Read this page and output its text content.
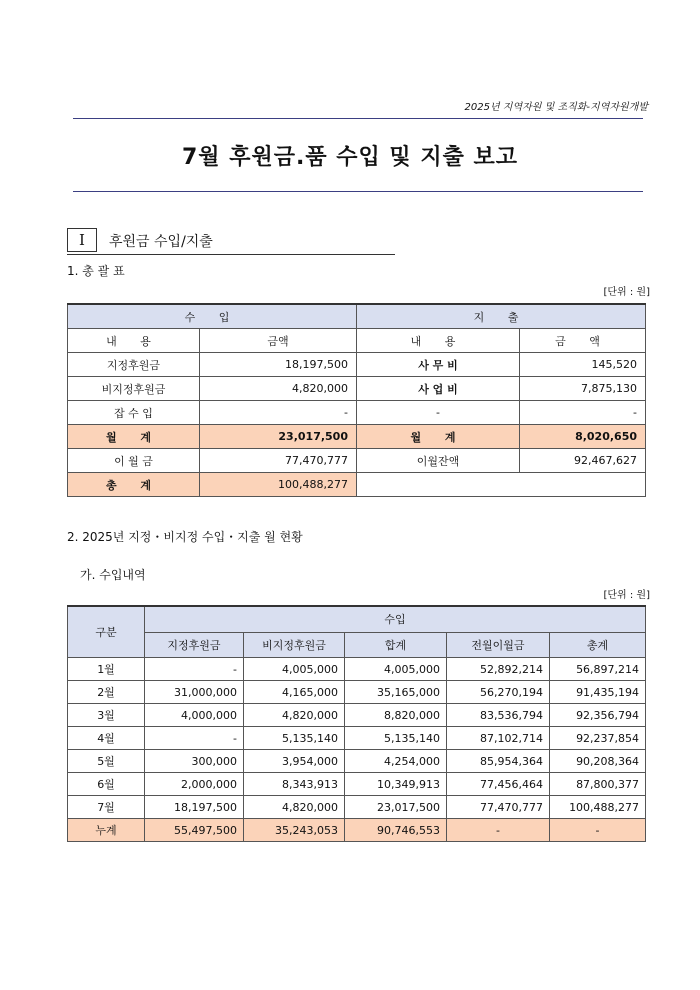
2025년 지역자원 및 조직화-지역자원개발
7월 후원금.품 수입 및 지출 보고
I	후원금 수입/지출
1. 총 괄 표
[단위 : 원]
수 입		지 출	
내 용	금액	내 용	금 액
지정후원금	18,197,500	사 무 비	145,520
비지정후원금	4,820,000	사 업 비	7,875,130
잡 수 입	-	-	-
월 계	23,017,500	월 계	8,020,650
이 월 금	77,470,777	이월잔액	92,467,627
총 계	100,488,277		
2. 2025년 지정・비지정 수입・지출 월 현황
가. 수입내역
[단위 : 원]
구분	수입				
	지정후원금	비지정후원금	합계	전월이월금	총계
1월	-	4,005,000	4,005,000	52,892,214	56,897,214
2월	31,000,000	4,165,000	35,165,000	56,270,194	91,435,194
3월	4,000,000	4,820,000	8,820,000	83,536,794	92,356,794
4월	-	5,135,140	5,135,140	87,102,714	92,237,854
5월	300,000	3,954,000	4,254,000	85,954,364	90,208,364
6월	2,000,000	8,343,913	10,349,913	77,456,464	87,800,377
7월	18,197,500	4,820,000	23,017,500	77,470,777	100,488,277
누계	55,497,500	35,243,053	90,746,553	-	-
